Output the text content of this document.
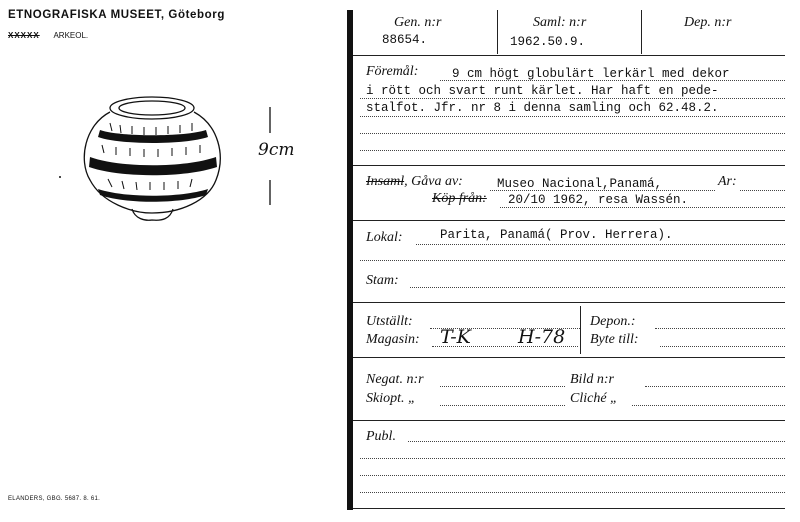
ETNOGRAFISKA MUSEET, Göteborg
XXXXX ARKEOL.
9cm
ELANDERS, GBG. 5687. 8. 61.
Gen. n:r
88654.
Saml: n:r
1962.50.9.
Dep. n:r
Föremål:	9 cm högt globulärt lerkärl med dekor
i rött och svart runt kärlet. Har haft en pede-
stalfot. Jfr. nr 8 i denna samling och 62.48.2.
Insaml, Gåva av:	Museo Nacional,Panamá,	Ar:
Köp från: 20/10 1962, resa Wassén.
Lokal:	Parita, Panamá( Prov. Herrera).
Stam:
Utställt:	Depon.:
Magasin: T-K H-78 Byte till:
Negat. n:r	Bild n:r
Skiopt. „	Cliché „
Publ.
